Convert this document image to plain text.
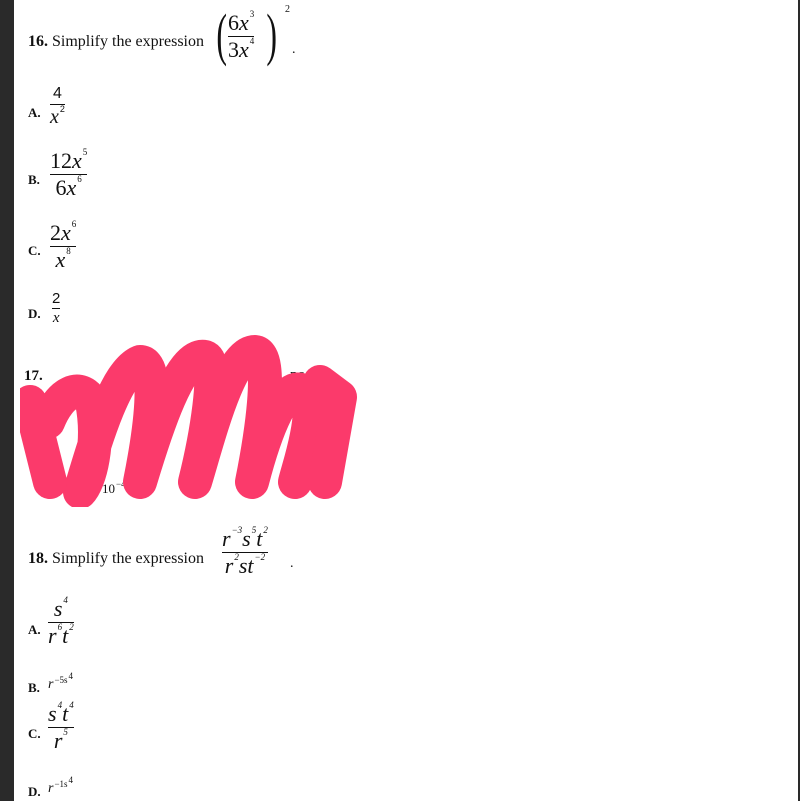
16. Simplify the expression ( $6x^3$
$3x^4$ ) 2
.
A.
4
$x^2$
B.
$12x^5$
$6x^6$
C.
$2x^6$
$x^8$
D.
2
x
17.	nc .
.5	$10^{-4}$
18. Simplify the expression
$r^{-3}s^5t^2$
$r^2st^{-2}$ .
A.
$s^4$
$r^6t^2$
B. $r^{-5s4}$
C.
$s^4t^4$
$r^5$
D. $r^{-1s4}$
